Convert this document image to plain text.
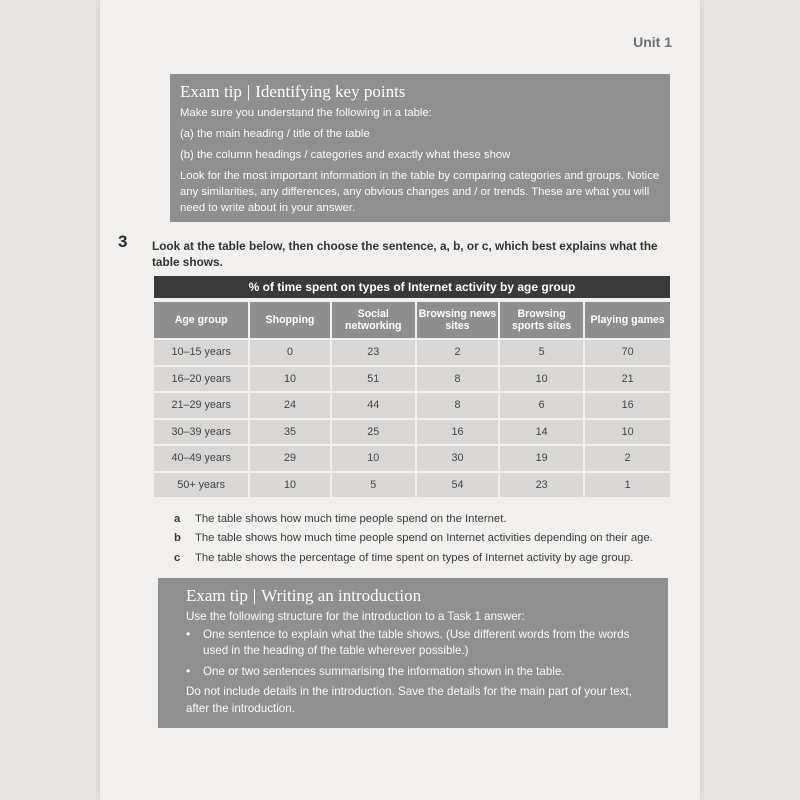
Unit 1
Exam tip | Identifying key points
Make sure you understand the following in a table:
(a) the main heading / title of the table
(b) the column headings / categories and exactly what these show
Look for the most important information in the table by comparing categories and groups. Notice any similarities, any differences, any obvious changes and / or trends. These are what you will need to write about in your answer.
3 Look at the table below, then choose the sentence, a, b, or c, which best explains what the table shows.
% of time spent on types of Internet activity by age group
Age group	Shopping	Social networking	Browsing news sites	Browsing sports sites	Playing games
10–15 years	0	23	2	5	70
16–20 years	10	51	8	10	21
21–29 years	24	44	8	6	16
30–39 years	35	25	16	14	10
40–49 years	29	10	30	19	2
50+ years	10	5	54	23	1
a	The table shows how much time people spend on the Internet.
b	The table shows how much time people spend on Internet activities depending on their age.
c	The table shows the percentage of time spent on types of Internet activity by age group.
Exam tip | Writing an introduction
Use the following structure for the introduction to a Task 1 answer:
•	One sentence to explain what the table shows. (Use different words from the words used in the heading of the table wherever possible.)
•	One or two sentences summarising the information shown in the table.
Do not include details in the introduction. Save the details for the main part of your text, after the introduction.
